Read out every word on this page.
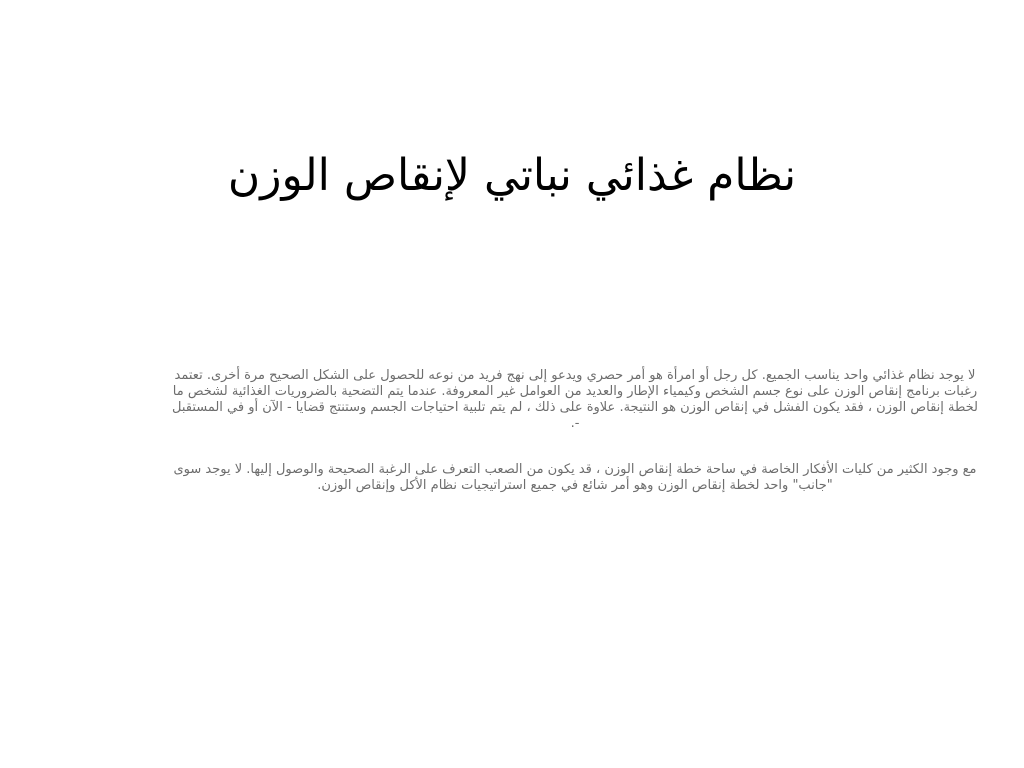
نظام غذائي نباتي لإنقاص الوزن

لا يوجد نظام غذائي واحد يناسب الجميع. كل رجل أو امرأة هو أمر حصري ويدعو إلى نهج فريد من نوعه للحصول على الشكل الصحيح مرة أخرى. تعتمد رغبات برنامج إنقاص الوزن على نوع جسم الشخص وكيمياء الإطار والعديد من العوامل غير المعروفة. عندما يتم التضحية بالضروريات الغذائية لشخص ما لخطة إنقاص الوزن ، فقد يكون الفشل في إنقاص الوزن هو النتيجة. علاوة على ذلك ، لم يتم تلبية احتياجات الجسم وستنتج قضايا - الآن أو في المستقبل -.

مع وجود الكثير من كليات الأفكار الخاصة في ساحة خطة إنقاص الوزن ، قد يكون من الصعب التعرف على الرغبة الصحيحة والوصول إليها. لا يوجد سوى "جانب" واحد لخطة إنقاص الوزن وهو أمر شائع في جميع استراتيجيات نظام الأكل وإنقاص الوزن.
